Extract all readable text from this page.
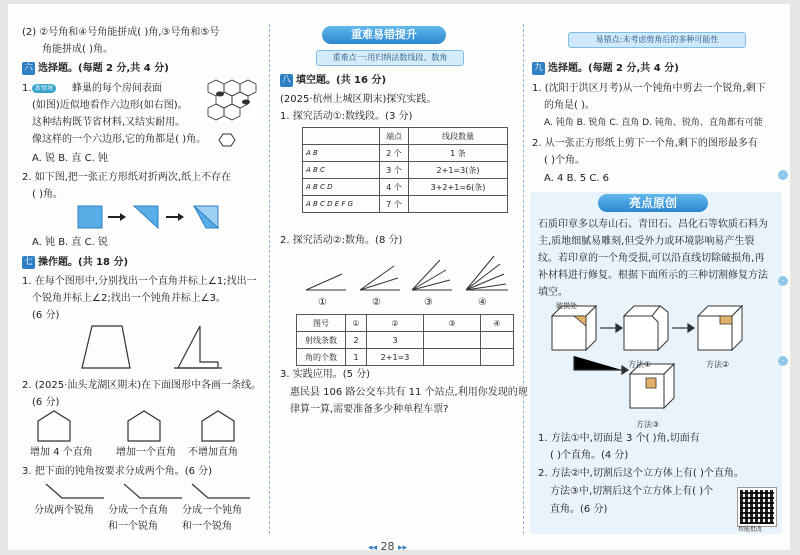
(2) ②号角和④号角能拼成( )角,③号角和⑤号
角能拼成( )角。
六 选择题。(每题 2 分,共 4 分)
1. 新情境	蜂巢的每个房间表面
(如图)近似地看作六边形(如右图)。
这种结构既节省材料,又结实耐用。
像这样的一个六边形,它的角都是( )角。
A. 锐 B. 直 C. 钝
2. 如下图,把一张正方形纸对折两次,纸上不存在
( )角。
A. 钝 B. 直 C. 锐
七 操作题。(共 18 分)
1. 在每个图形中,分别找出一个直角并标上∠1;找出一
个锐角并标上∠2;找出一个钝角并标上∠3。
(6 分)
2. (2025·汕头龙湖区期末)在下面图形中各画一条线。
(6 分)
增加 4 个直角 增加一个直角 不增加直角
3. 把下面的钝角按要求分成两个角。(6 分)
分成两个锐角 分成一个直角
和一个锐角
分成一个钝角
和一个锐角
重难易错提升
重难点一:用归纳法数线段、数角
八 填空题。(共 16 分)
(2025·杭州上城区期末)探究实践。
1. 探究活动①:数线段。(3 分)
	端点	线段数量
A B	2 个	1 条
A B C	3 个	2+1=3(条)
A B C D	4 个	3+2+1=6(条)
A B C D E F G	7 个	
2. 探究活动②:数角。(8 分)
①	②	③	④
图号	①	②	③	④
射线条数	2	3		
角的个数	1	2+1=3		
3. 实践应用。(5 分)
惠民县 106 路公交车共有 11 个站点,利用你发现的规
律算一算,需要准备多少种单程车票?
易错点:未考虑剪角后的多种可能性
九 选择题。(每题 2 分,共 4 分)
1. (沈阳于洪区月考)从一个钝角中剪去一个锐角,剩下
的角是( )。
A. 钝角 B. 锐角 C. 直角 D. 钝角、锐角、直角都有可能
2. 从一张正方形纸上剪下一个角,剩下的图形最多有
( )个角。
A. 4 B. 5 C. 6
亮点原创
石质印章多以寿山石、青田石、昌化石等软质石料为
主,质地细腻易雕刻,但受外力或环境影响易产生裂
纹。若印章的一个角受损,可以沿直线切除破损角,再
补材料进行修复。根据下面所示的三种切割修复方法
填空。
破损处
方法①	方法②
方法③
1. 方法①中,切面是 3 个( )角,切面有
( )个直角。(4 分)
2. 方法②中,切割后这个立方体上有( )个直角。
方法③中,切割后这个立方体上有( )个
直角。(6 分)
智能批改
·
·
·
◂◂ 28 ▸▸
